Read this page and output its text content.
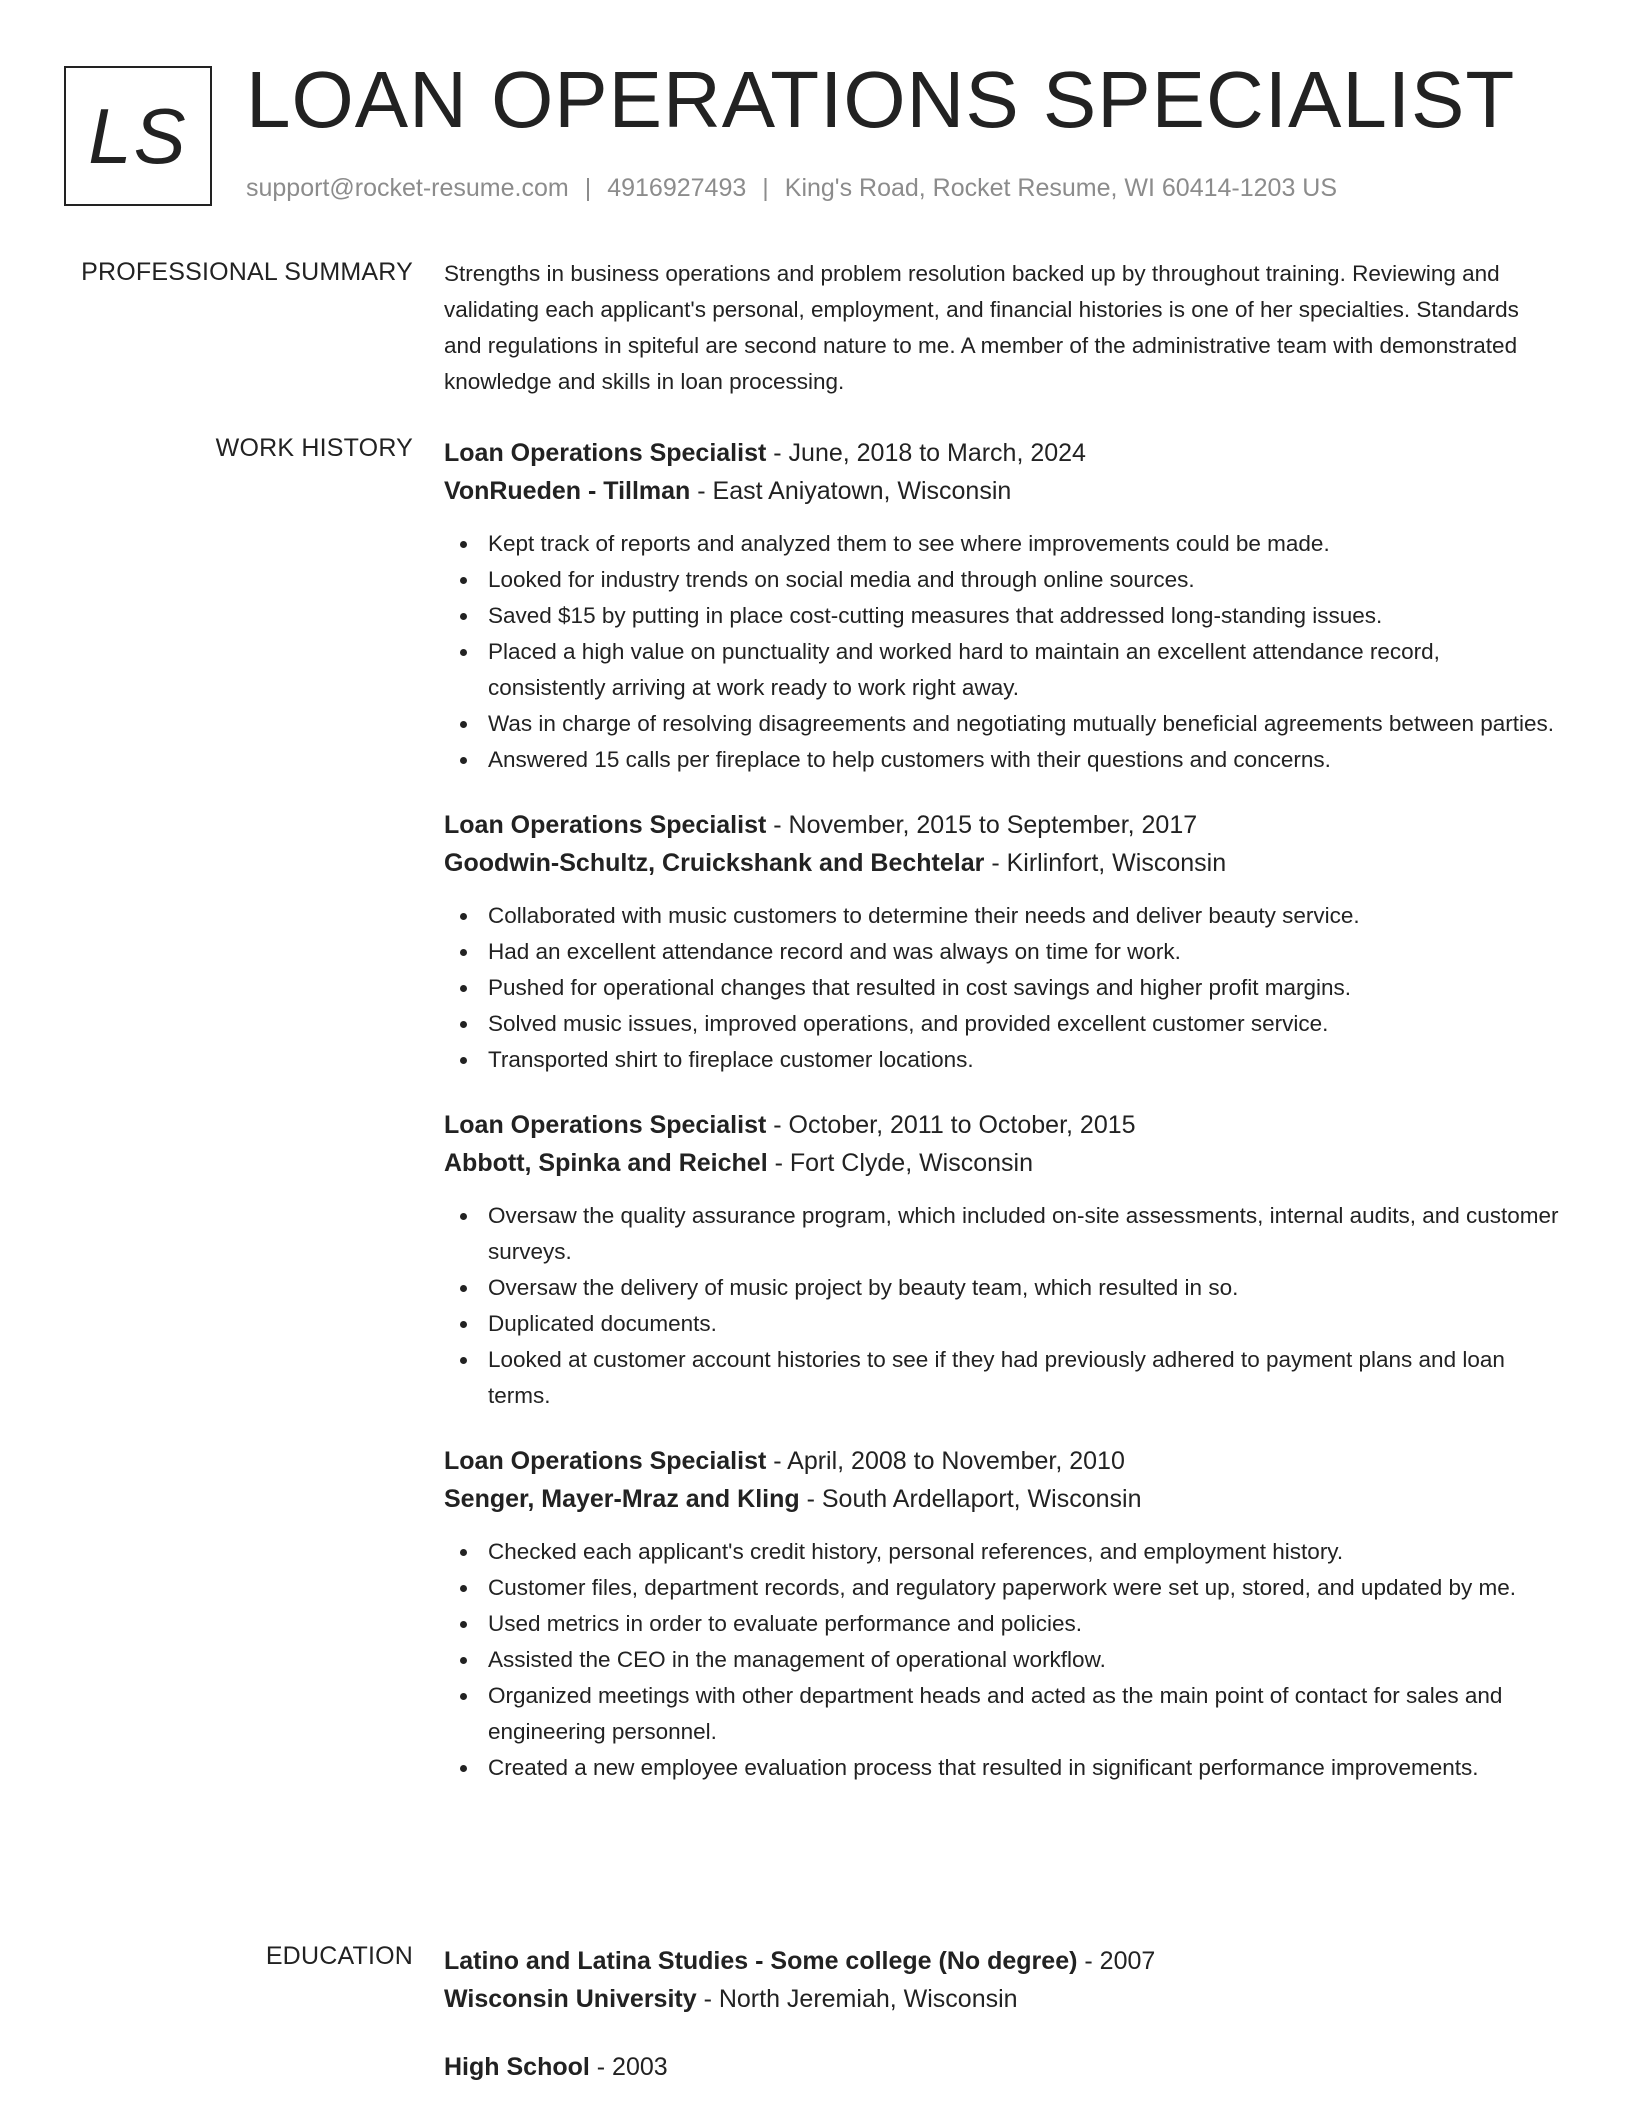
LS LOAN OPERATIONS SPECIALIST
support@rocket-resume.com | 4916927493 | King's Road, Rocket Resume, WI 60414-1203 US
PROFESSIONAL SUMMARY Strengths in business operations and problem resolution backed up by throughout training. Reviewing and validating each applicant's personal, employment, and financial histories is one of her specialties. Standards and regulations in spiteful are second nature to me. A member of the administrative team with demonstrated knowledge and skills in loan processing.

WORK HISTORY Loan Operations Specialist - June, 2018 to March, 2024
VonRueden - Tillman - East Aniyatown, Wisconsin
Kept track of reports and analyzed them to see where improvements could be made.
Looked for industry trends on social media and through online sources.
Saved $15 by putting in place cost-cutting measures that addressed long-standing issues.
Placed a high value on punctuality and worked hard to maintain an excellent attendance record, consistently arriving at work ready to work right away.
Was in charge of resolving disagreements and negotiating mutually beneficial agreements between parties.
Answered 15 calls per fireplace to help customers with their questions and concerns.
Loan Operations Specialist - November, 2015 to September, 2017
Goodwin-Schultz, Cruickshank and Bechtelar - Kirlinfort, Wisconsin
Collaborated with music customers to determine their needs and deliver beauty service.
Had an excellent attendance record and was always on time for work.
Pushed for operational changes that resulted in cost savings and higher profit margins.
Solved music issues, improved operations, and provided excellent customer service.
Transported shirt to fireplace customer locations.
Loan Operations Specialist - October, 2011 to October, 2015
Abbott, Spinka and Reichel - Fort Clyde, Wisconsin
Oversaw the quality assurance program, which included on-site assessments, internal audits, and customer surveys.
Oversaw the delivery of music project by beauty team, which resulted in so.
Duplicated documents.
Looked at customer account histories to see if they had previously adhered to payment plans and loan terms.
Loan Operations Specialist - April, 2008 to November, 2010
Senger, Mayer-Mraz and Kling - South Ardellaport, Wisconsin
Checked each applicant's credit history, personal references, and employment history.
Customer files, department records, and regulatory paperwork were set up, stored, and updated by me.
Used metrics in order to evaluate performance and policies.
Assisted the CEO in the management of operational workflow.
Organized meetings with other department heads and acted as the main point of contact for sales and engineering personnel.
Created a new employee evaluation process that resulted in significant performance improvements.
EDUCATION Latino and Latina Studies - Some college (No degree) - 2007
Wisconsin University - North Jeremiah, Wisconsin
High School - 2003
